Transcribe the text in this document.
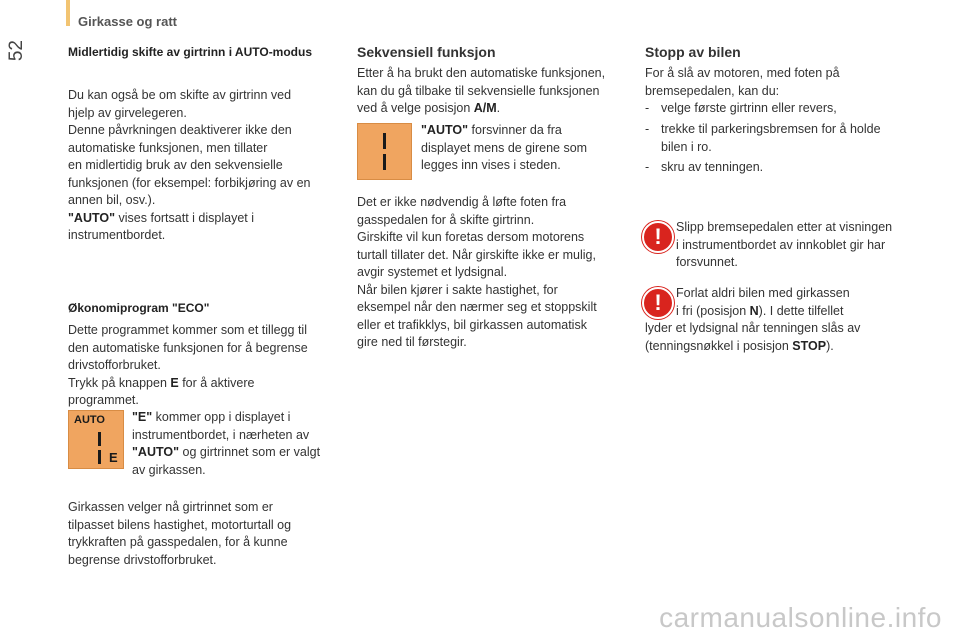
52
Girkasse og ratt
Midlertidig skifte av girtrinn i AUTO-modus
Du kan også be om skifte av girtrinn ved
hjelp av girvelegeren.
Denne påvrkningen deaktiverer ikke den
automatiske funksjonen, men tillater
en midlertidig bruk av den sekvensielle
funksjonen (for eksempel: forbikjøring av en
annen bil, osv.).
"AUTO" vises fortsatt i displayet i
instrumentbordet.
Økonomiprogram "ECO"
Dette programmet kommer som et tillegg til
den automatiske funksjonen for å begrense
drivstofforbruket.
Trykk på knappen E for å aktivere
programmet.
AUTO
E
"E" kommer opp i displayet i
instrumentbordet, i nærheten av
"AUTO" og girtrinnet som er valgt
av girkassen.
Girkassen velger nå girtrinnet som er
tilpasset bilens hastighet, motorturtall og
trykkraften på gasspedalen, for å kunne
begrense drivstofforbruket.
Sekvensiell funksjon
Etter å ha brukt den automatiske funksjonen,
kan du gå tilbake til sekvensielle funksjonen
ved å velge posisjon A/M.
"AUTO" forsvinner da fra
displayet mens de girene som
legges inn vises i steden.
Det er ikke nødvendig å løfte foten fra
gasspedalen for å skifte girtrinn.
Girskifte vil kun foretas dersom motorens
turtall tillater det. Når girskifte ikke er mulig,
avgir systemet et lydsignal.
Når bilen kjører i sakte hastighet, for
eksempel når den nærmer seg et stoppskilt
eller et trafikklys, bil girkassen automatisk
gire ned til førstegir.
Stopp av bilen
For å slå av motoren, med foten på
bremsepedalen, kan du:
- velge første girtrinn eller revers,
- trekke til parkeringsbremsen for å holde
bilen i ro.
- skru av tenningen.
!	Slipp bremsepedalen etter at visningen
i instrumentbordet av innkoblet gir har
forsvunnet.
!	Forlat aldri bilen med girkassen
i fri (posisjon N). I dette tilfellet
lyder et lydsignal når tenningen slås av
(tenningsnøkkel i posisjon STOP).
carmanualsonline.info
